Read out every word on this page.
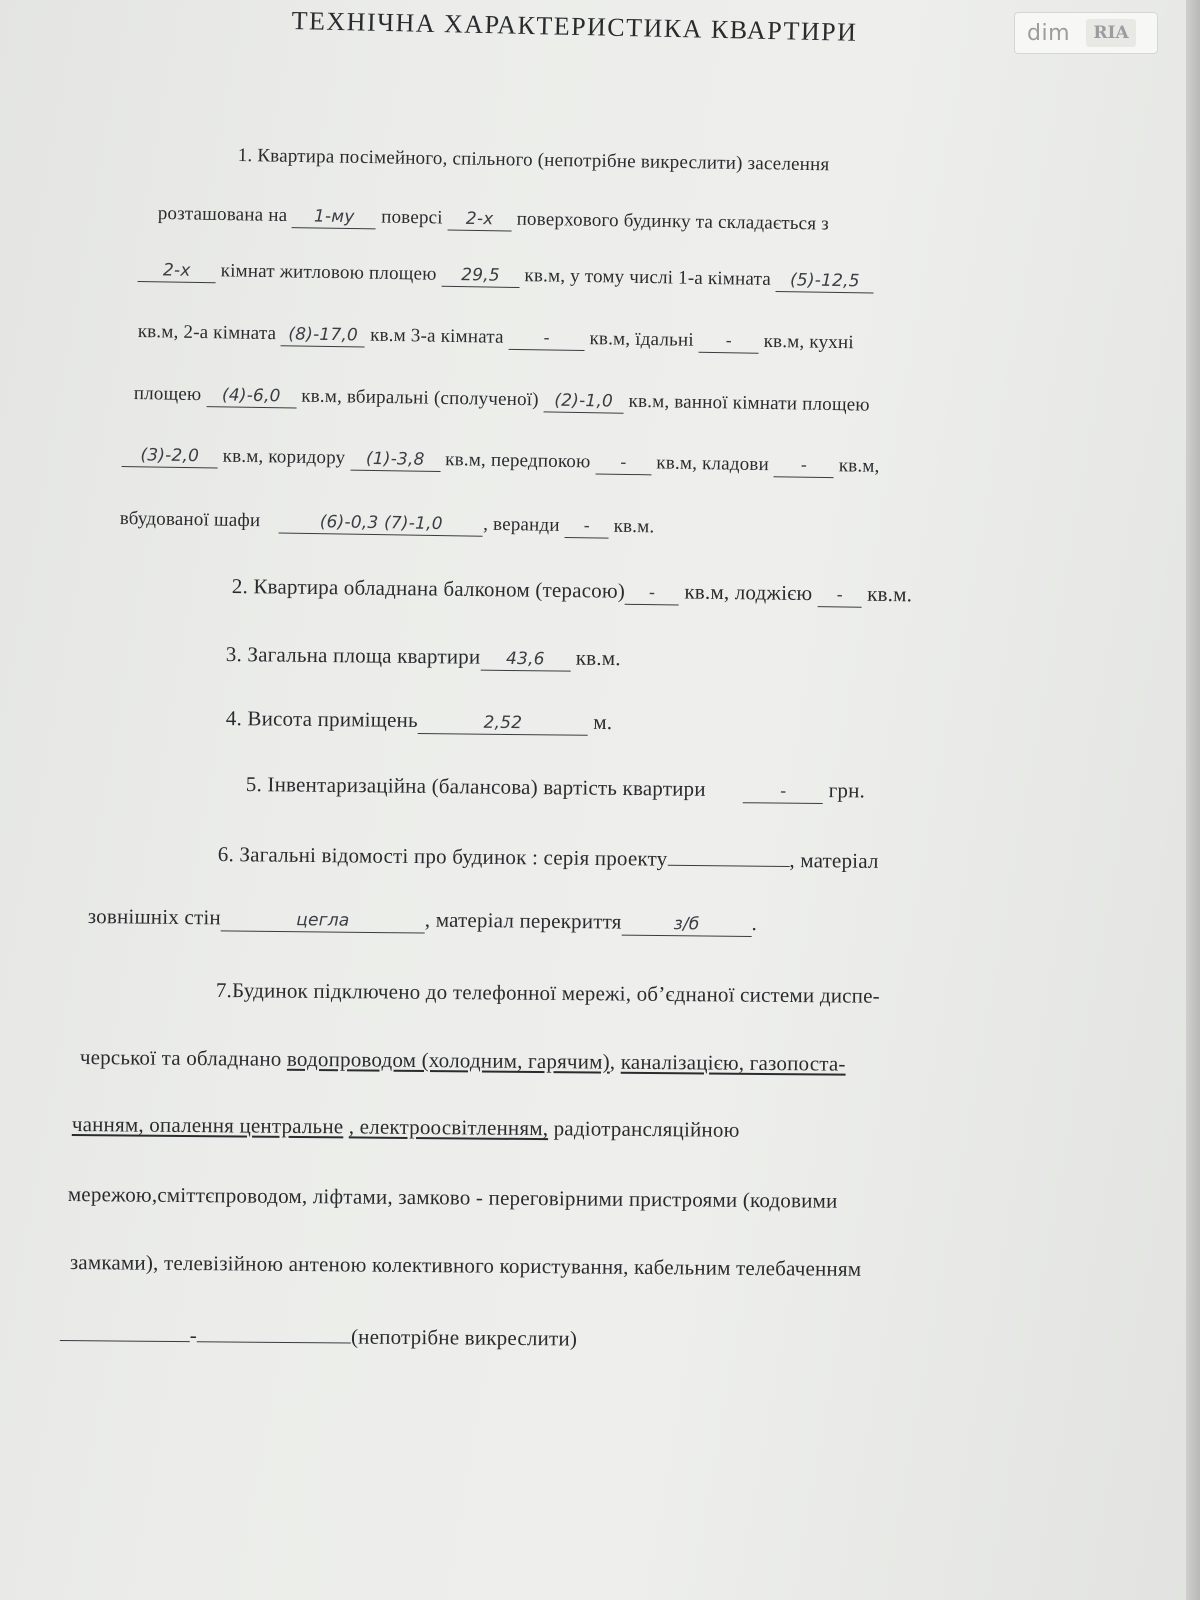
ТЕХНІЧНА ХАРАКТЕРИСТИКА КВАРТИРИ	dim	RIA
1. Квартира посімейного, спільного (непотрібне викреслити) заселення
розташована на 1-му поверсі 2-х поверхового будинку та складається з
2-х кімнат житловою площею 29,5 кв.м, у тому числі 1-а кімната (5)-12,5
кв.м, 2-а кімната (8)-17,0 кв.м 3-а кімната - кв.м, їдальні - кв.м, кухні
площею (4)-6,0 кв.м, вбиральні (сполученої) (2)-1,0 кв.м, ванної кімнати площею
(3)-2,0 кв.м, коридору (1)-3,8 кв.м, передпокою - кв.м, кладови - кв.м,
вбудованої шафи	(6)-0,3 (7)-1,0 , веранди - кв.м.
2. Квартира обладнана балконом (терасою) - кв.м, лоджією - кв.м.
3. Загальна площа квартири 43,6 кв.м.
4. Висота приміщень	2,52	м.
5. Інвентаризаційна (балансова) вартість квартири	- грн.
6. Загальні відомості про будинок : серія проекту	, матеріал
зовнішніх стін	цегла	, матеріал перекриття	з/б .
7.Будинок підключено до телефонної мережі, об’єднаної системи диспе-
черської та обладнано водопроводом (холодним, гарячим), каналізацією, газопоста-
чанням, опалення центральне , електроосвітленням, радіотрансляційною
мережою,сміттєпроводом, ліфтами, замково - переговірними пристроями (кодовими
замками), телевізійною антеною колективного користування, кабельним телебаченням
-	(непотрібне викреслити)
